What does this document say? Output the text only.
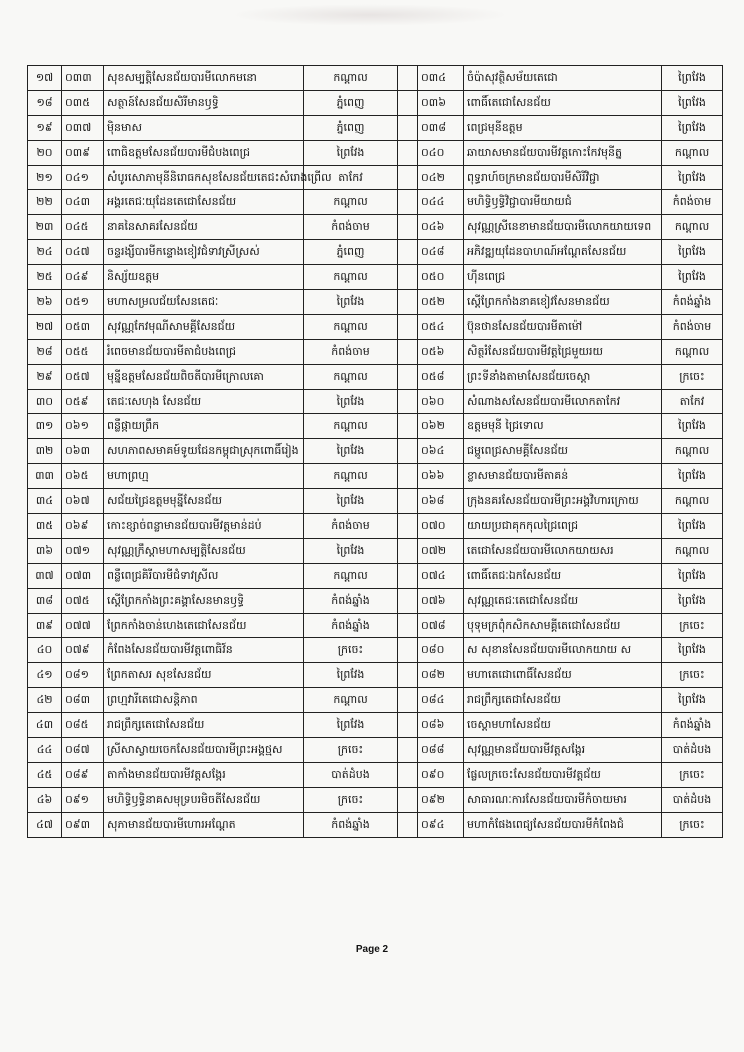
១៧	០៣៣	សុខសម្បត្តិសែនជ័យបារមីលោកមនោ	កណ្ដាល		០៣៤	ចំប៉ាសុវត្ថិសម័យតេជោ	ព្រៃវែង
១៨	០៣៥	សត្ថាន៍សែនជ័យសិរីមានឫទ្ធិ	ភ្នំពេញ		០៣៦	ពោធិ៍តេជោសែនជ័យ	ព្រៃវែង
១៩	០៣៧	ម៉ិនមាស	ភ្នំពេញ		០៣៨	ពេជ្រមុនីឧត្តម	ព្រៃវែង
២០	០៣៩	ពោធិឧត្តមសែនជ័យបារមីជំបងពេជ្រ	ព្រៃវែង		០៤០	ឆាយាសមានជ័យបារមីវត្តកោះកែវមុនីត្ន	កណ្ដាល
២១	០៤១	សំបូរសោភាមុនីនិរោធកសុខសែនជ័យតេជះសំរោងព្រើល	តាកែវ		០៤២	ពុទ្ធរាហ៍ចក្រមានជ័យបារមីសិរីវិជ្ជា	ព្រៃវែង
២២	០៤៣	អង្គរតេជៈយុដែនតេជោសែនជ័យ	កណ្ដាល		០៤៤	មហិទ្ធិឫទ្ធិវិជ្ជាបារមីយាយជំ	កំពង់ចាម
២៣	០៤៥	នាគនៃសាគរសែនជ័យ	កំពង់ចាម		០៤៦	សុវណ្ណស្រីនេខាមានជ័យបារមីលោកយាយទេព	កណ្ដាល
២៤	០៤៧	ចន្ទរង្សីបារមីកន្ទោងខៀវជំទាវស្រីស្រស់	ភ្នំពេញ		០៤៨	អភិវឌ្ឍយុដែនបាហណ៍អណ្ដែតសែនជ័យ	ព្រៃវែង
២៥	០៤៩	និស្ស័យឧត្តម	កណ្ដាល		០៥០	ហ៊ីនពេជ្រ	ព្រៃវែង
២៦	០៥១	មហាសម្រលជ័យសែនតេជៈ	ព្រៃវែង		០៥២	ស្ដើព្រែកកាំងនាគខៀវសែនមានជ័យ	កំពង់ឆ្នាំង
២៧	០៥៣	សុវណ្ណកែវមុណីសាមគ្គីសែនជ័យ	កណ្ដាល		០៥៤	ប៊ុនថានសែនជ័យបារមីតាម៉ៅ	កំពង់ចាម
២៨	០៥៥	រំពេចមានជ័យបារមីតាជំបងពេជ្រ	កំពង់ចាម		០៥៦	សិត្ថរំសែនជ័យបារមីវត្តជ្រៃមួយរយ	កណ្ដាល
២៩	០៥៧	មុន្នីឧត្តមសែនជ័យពិចតីបារមីក្រោលគោ	កណ្ដាល		០៥៨	ព្រះទីនាំងតាមាសែនជ័យចេស្ដា	ក្រចេះ
៣០	០៥៩	តេជៈសេហុង សែនជ័យ	ព្រៃវែង		០៦០	សំណាងសសែនជ័យបារមីលោកតាកែវ	តាកែវ
៣១	០៦១	ពន្លឺផ្កាយព្រឹក	កណ្ដាល		០៦២	ឧត្តមមុនី ជ្រៃទោល	ព្រៃវែង
៣២	០៦៣	សហភាពសមាគម៍ទូយជែនកម្ពុជាស្រុកពោធិ៍រៀង	ព្រៃវែង		០៦៤	ជម្ពូពេជ្រសាមគ្គីសែនជ័យ	កណ្ដាល
៣៣	០៦៥	មហាព្រហ្ម	កណ្ដាល		០៦៦	ខ្លាសមានជ័យបារមីតាគន់	ព្រៃវែង
៣៤	០៦៧	សជ័យជ្រៃឧត្តមមុន្នីសែនជ័យ	ព្រៃវែង		០៦៨	ក្រុងនគរសែនជ័យបារមីព្រះអង្គវិហារក្រោយ	កណ្ដាល
៣៥	០៦៩	កោះខ្សាច់ពន្លាមានជ័យបារមីវត្តមាន់ដប់	កំពង់ចាម		០៧០	យាយប្រជាគុកកុលជ្រៃពេជ្រ	ព្រៃវែង
៣៦	០៧១	សុវណ្ណក្រឹស្តាមហាសម្បត្តិសែនជ័យ	ព្រៃវែង		០៧២	តេជោសែនជ័យបារមីលោកយាយសរ	កណ្ដាល
៣៧	០៧៣	ពន្លឺពេជ្រគិរីបារមីជំទាវស្រីល	កណ្ដាល		០៧៤	ពោធិ៍តេជៈឯកសែនជ័យ	ព្រៃវែង
៣៨	០៧៥	ស្ដើព្រែកកាំងព្រះគង្គាសែនមានឫទ្ធិ	កំពង់ឆ្នាំង		០៧៦	សុវណ្ណតេជៈតេជោសែនជ័យ	ព្រៃវែង
៣៩	០៧៧	ព្រែកកាំងចាន់ហេងតេជោសែនជ័យ	កំពង់ឆ្នាំង		០៧៨	បុទុមក្រពុំកសិកសាមគ្គីតេជោសែនជ័យ	ក្រចេះ
៤០	០៧៩	កំពែងសែនជ័យបារមីវត្តពោធិវ៍ន	ក្រចេះ		០៨០	ស សុខានសែនជ័យបារមីលោកយាយ ស	ព្រៃវែង
៤១	០៨១	ព្រែកតាសរ សុខសែនជ័យ	ព្រៃវែង		០៨២	មហាតេជោពោធិ៍សែនជ័យ	ក្រចេះ
៤២	០៨៣	ព្រហ្មវារីតេជោសន្តិភាព	កណ្ដាល		០៨៤	រាជព្រឹក្សតេជាសែនជ័យ	ព្រៃវែង
៤៣	០៨៥	រាជព្រឹក្សតេជោសែនជ័យ	ព្រៃវែង		០៨៦	ចេស្ដាមហាសែនជ័យ	កំពង់ឆ្នាំង
៤៤	០៨៧	ស្រីសាស្វាយចេកសែនជ័យបារមីព្រះអង្គថ្មស	ក្រចេះ		០៨៨	សុវណ្ណមានជ័យបារមីវត្តសង្កែរ	បាត់ដំបង
៤៥	០៨៩	តាកាំងមានជ័យបារមីវត្តសង្កែរ	បាត់ដំបង		០៩០	ផ្លែលក្រចេះសែនជ័យបារមីវត្តជ័យ	ក្រចេះ
៤៦	០៩១	មហិទ្ធិឫទ្ធិនាគសមុទ្របរមិចតីសែនជ័យ	ក្រចេះ		០៩២	សាធារណៈការសែនជ័យបារមីកំចាយមារ	បាត់ដំបង
៤៧	០៩៣	សុភាមានជ័យបារមីហោរអណ្ដែត	កំពង់ឆ្នាំង		០៩៤	មហាកំផែងពេជ្យសែនជ័យបារមីកំពែងជំ	ក្រចេះ
Page 2
